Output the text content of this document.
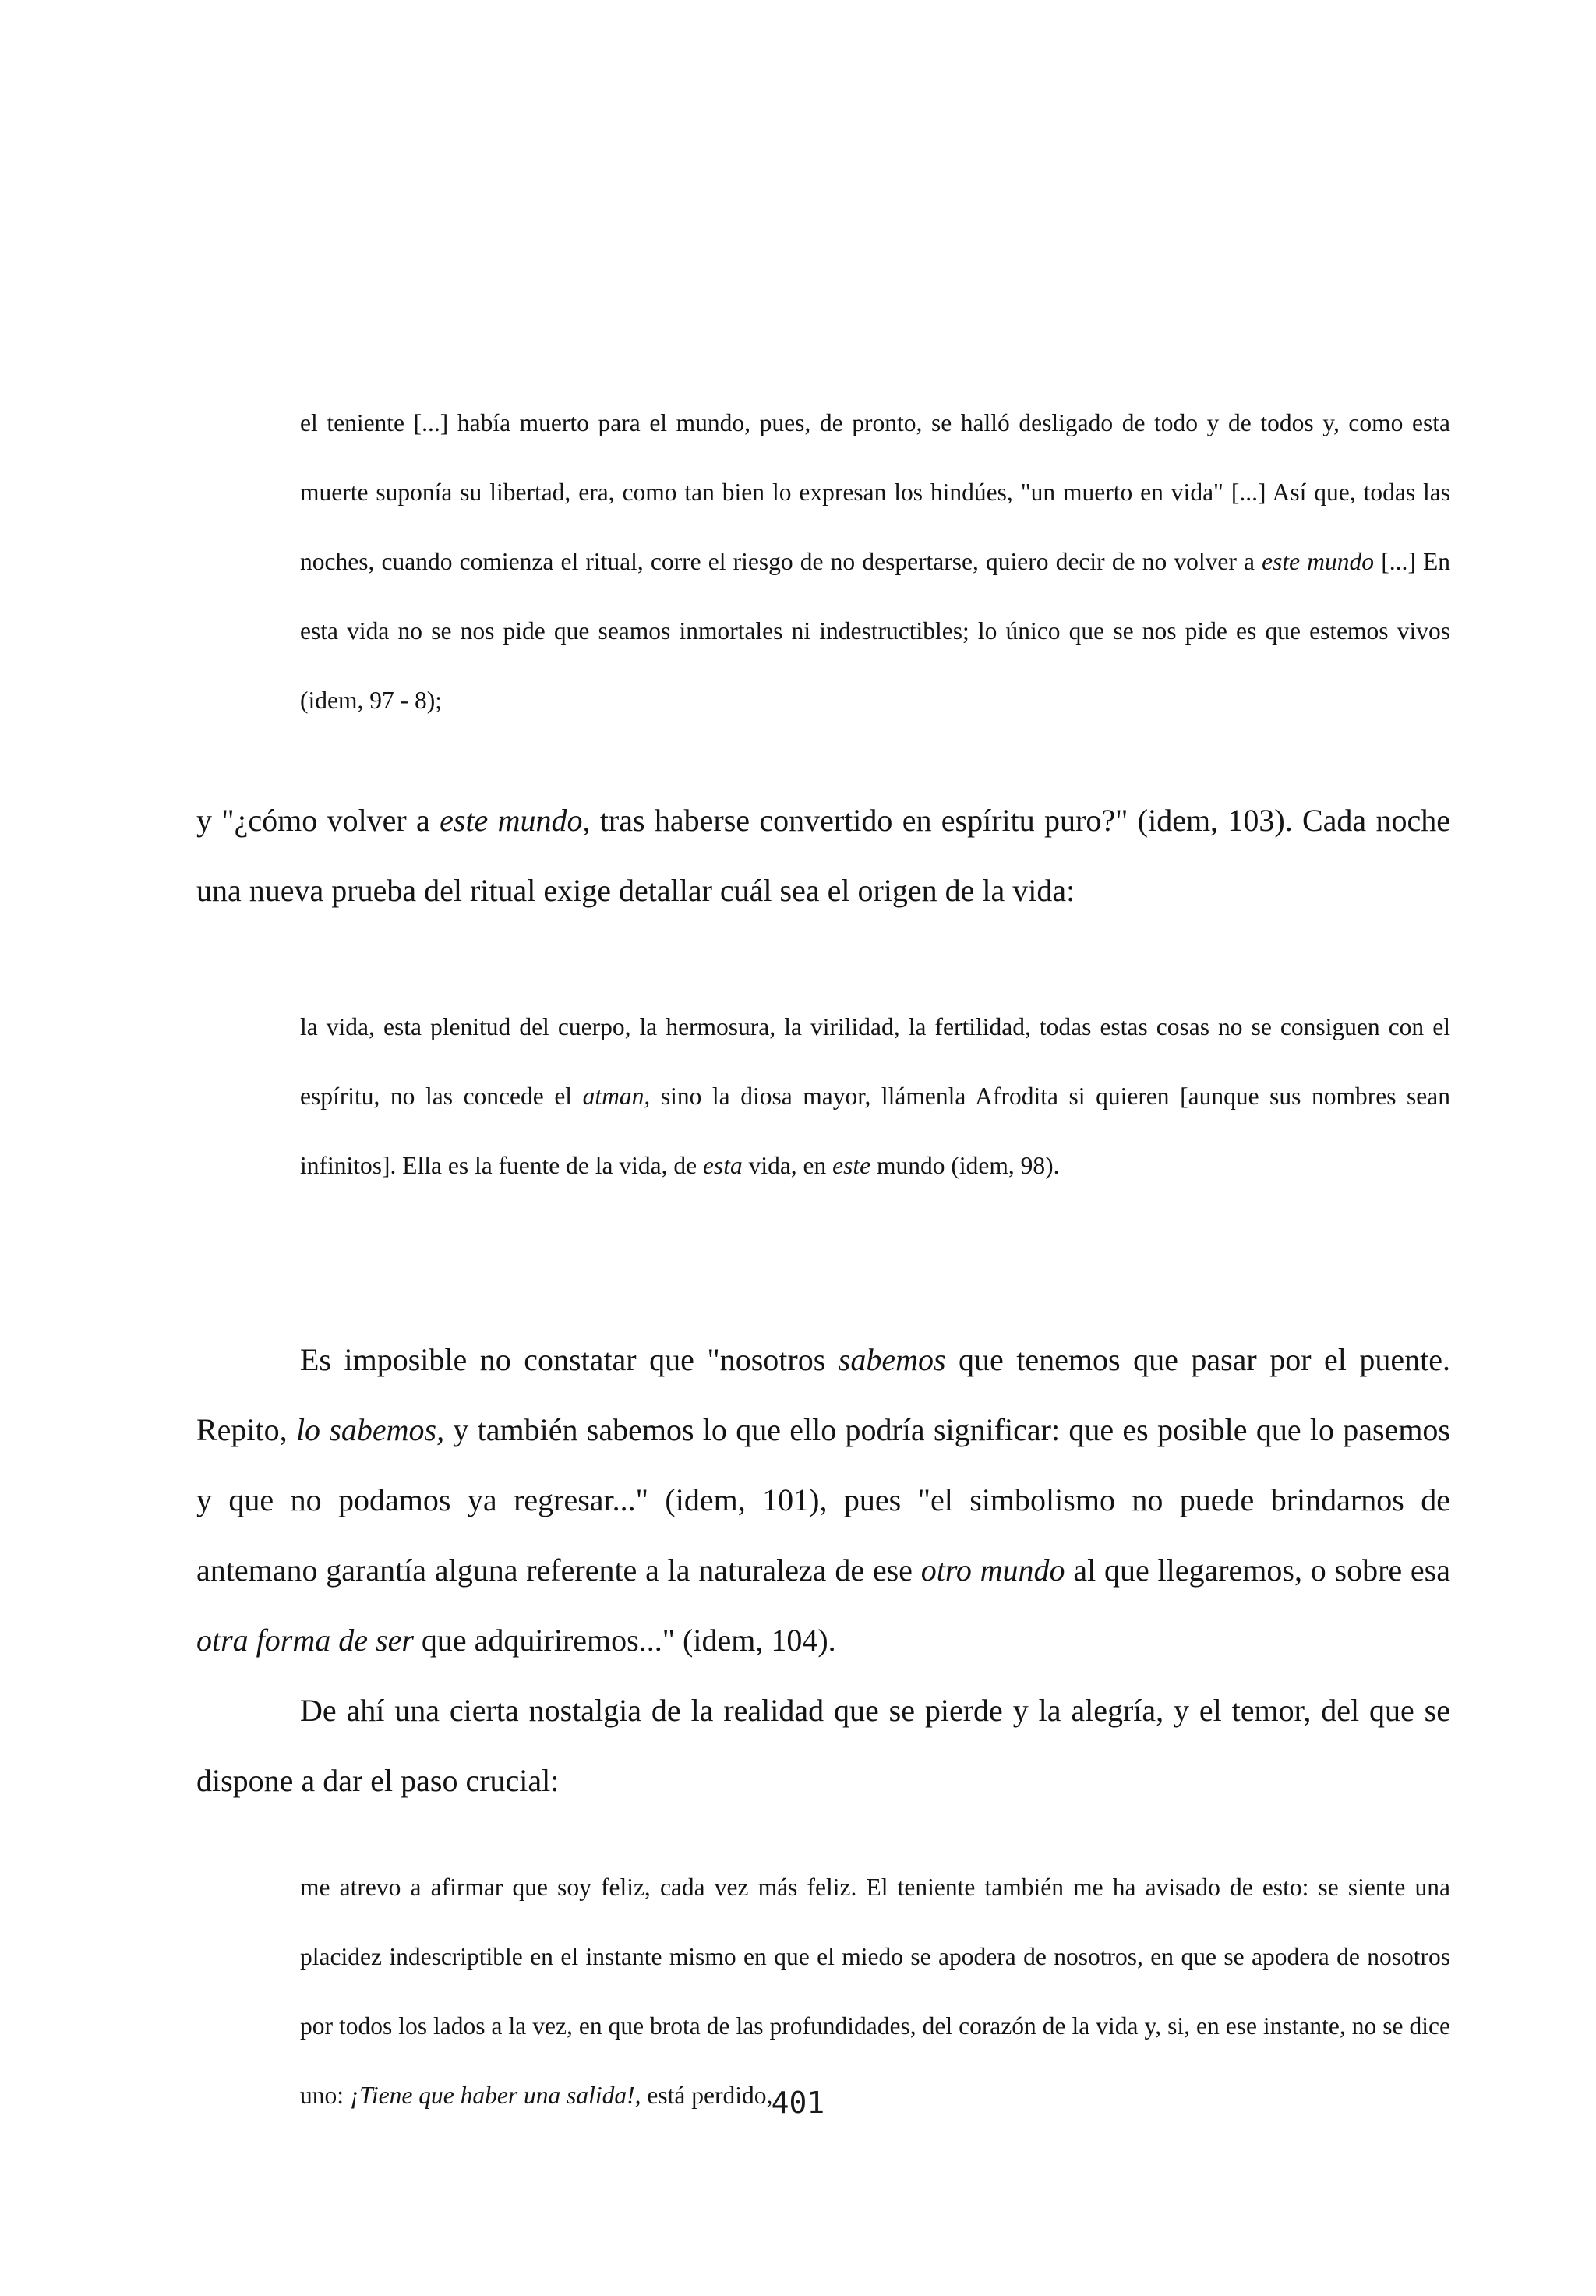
el teniente [...] había muerto para el mundo, pues, de pronto, se halló desligado de todo y de todos y, como esta muerte suponía su libertad, era, como tan bien lo expresan los hindúes, "un muerto en vida" [...] Así que, todas las noches, cuando comienza el ritual, corre el riesgo de no despertarse, quiero decir de no volver a este mundo [...] En esta vida no se nos pide que seamos inmortales ni indestructibles; lo único que se nos pide es que estemos vivos (idem, 97 - 8);

y "¿cómo volver a este mundo, tras haberse convertido en espíritu puro?" (idem, 103). Cada noche una nueva prueba del ritual exige detallar cuál sea el origen de la vida:

la vida, esta plenitud del cuerpo, la hermosura, la virilidad, la fertilidad, todas estas cosas no se consiguen con el espíritu, no las concede el atman, sino la diosa mayor, llámenla Afrodita si quieren [aunque sus nombres sean infinitos]. Ella es la fuente de la vida, de esta vida, en este mundo (idem, 98).

Es imposible no constatar que "nosotros sabemos que tenemos que pasar por el puente. Repito, lo sabemos, y también sabemos lo que ello podría significar: que es posible que lo pasemos y que no podamos ya regresar..." (idem, 101), pues "el simbolismo no puede brindarnos de antemano garantía alguna referente a la naturaleza de ese otro mundo al que llegaremos, o sobre esa otra forma de ser que adquiriremos..." (idem, 104).

De ahí una cierta nostalgia de la realidad que se pierde y la alegría, y el temor, del que se dispone a dar el paso crucial:

me atrevo a afirmar que soy feliz, cada vez más feliz. El teniente también me ha avisado de esto: se siente una placidez indescriptible en el instante mismo en que el miedo se apodera de nosotros, en que se apodera de nosotros por todos los lados a la vez, en que brota de las profundidades, del corazón de la vida y, si, en ese instante, no se dice uno: ¡Tiene que haber una salida!, está perdido,

401
